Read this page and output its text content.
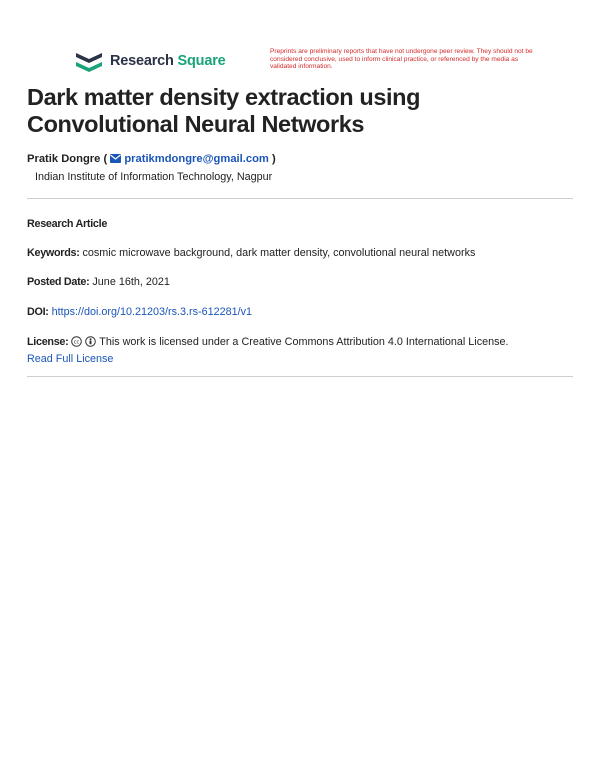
Research Square
Preprints are preliminary reports that have not undergone peer review. They should not be considered conclusive, used to inform clinical practice, or referenced by the media as validated information.
Dark matter density extraction using Convolutional Neural Networks
Pratik Dongre ( pratikmdongre@gmail.com )
Indian Institute of Information Technology, Nagpur
Research Article
Keywords: cosmic microwave background, dark matter density, convolutional neural networks
Posted Date: June 16th, 2021
DOI: https://doi.org/10.21203/rs.3.rs-612281/v1
License: cc This work is licensed under a Creative Commons Attribution 4.0 International License.
Read Full License
